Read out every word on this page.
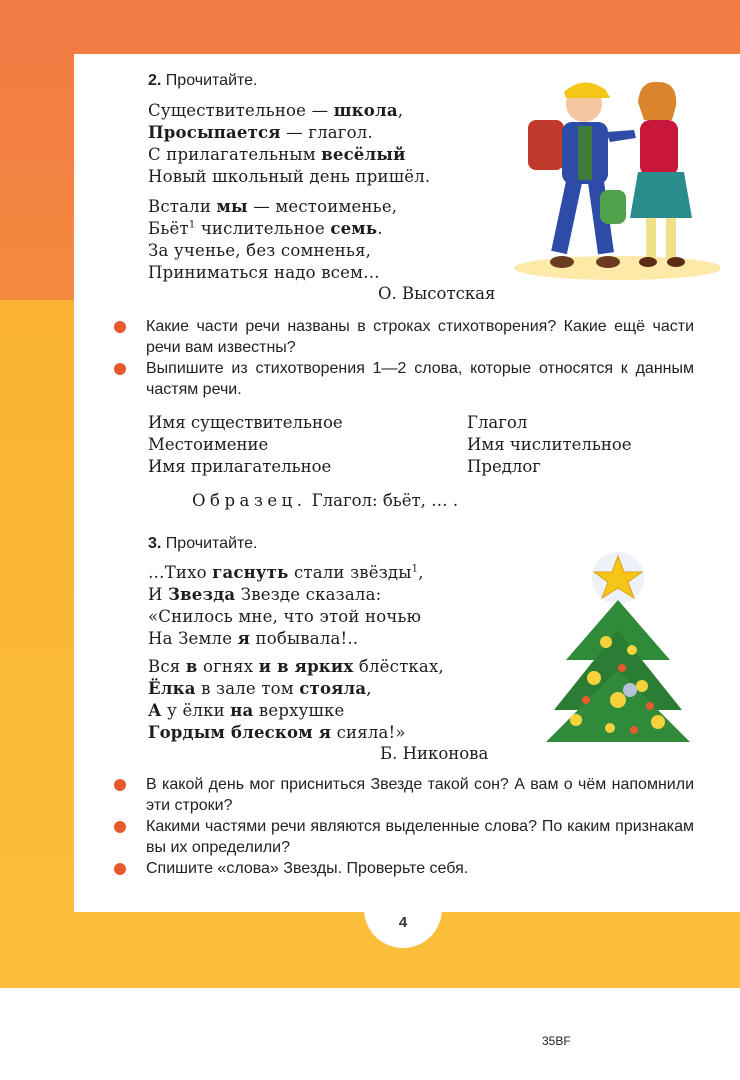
4
35BF
2. Прочитайте.
Существительное — школа,
Просыпается — глагол.
С прилагательным весёлый
Новый школьный день пришёл.
Встали мы — местоименье,
Бьёт$^1$ числительное семь.
За ученье, без сомненья,
Приниматься надо всем…
О. Высотская
Какие части речи названы в строках стихотворения? Какие ещё части речи вам известны?
Выпишите из стихотворения 1—2 слова, которые относятся к данным частям речи.
Имя существительное
Местоимение
Имя прилагательное
Глагол
Имя числительное
Предлог
Образец. Глагол: бьёт, … .
3. Прочитайте.
…Тихо гаснуть стали звёзды$^1$,
И Звезда Звезде сказала:
«Снилось мне, что этой ночью
На Земле я побывала!..
Вся в огнях и в ярких блёстках,
Ёлка в зале том стояла,
А у ёлки на верхушке
Гордым блеском я сияла!»
Б. Никонова
В какой день мог присниться Звезде такой сон? А вам о чём напомнили эти строки?
Какими частями речи являются выделенные слова? По каким признакам вы их определили?
Спишите «слова» Звезды. Проверьте себя.
